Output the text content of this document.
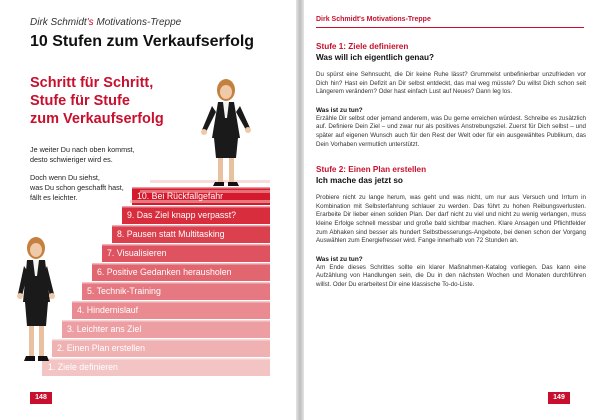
Dirk Schmidt's Motivations-Treppe
10 Stufen zum Verkaufserfolg
Schritt für Schritt,
Stufe für Stufe
zum Verkaufserfolg
Je weiter Du nach oben kommst,
desto schwieriger wird es.
Doch wenn Du siehst,
was Du schon geschafft hast,
fällt es leichter.
1. Ziele definieren
2. Einen Plan erstellen
3. Leichter ans Ziel
4. Hindernislauf
5. Technik-Training
6. Positive Gedanken herausholen
7. Visualisieren
8. Pausen statt Multitasking
9. Das Ziel knapp verpasst?
10. Bei Rückfallgefahr
148
Dirk Schmidt's Motivations-Treppe
Stufe 1: Ziele definieren
Was will ich eigentlich genau?
Du spürst eine Sehnsucht, die Dir keine Ruhe lässt? Grummelst unbefinierbar unzufrieden vor Dich hin? Hast ein Defizit an Dir selbst entdeckt, das mal weg müsste? Du willst Dich schon seit Längerem verändern? Oder hast einfach Lust auf Neues? Dann leg los.
Was ist zu tun?
Erzähle Dir selbst oder jemand anderem, was Du gerne erreichen würdest. Schreibe es zusätzlich auf. Definiere Dein Ziel – und zwar nur als positives Anstrebungsziel. Zuerst für Dich selbst – und später auf eigenen Wunsch auch für den Rest der Welt oder für ein ausgewähltes Publikum, das Dein Vorhaben vermutlich unterstützt.
Stufe 2: Einen Plan erstellen
Ich mache das jetzt so
Probiere nicht zu lange herum, was geht und was nicht, um nur aus Versuch und Irrtum in Kombination mit Selbsterfahrung schlauer zu werden. Das führt zu hohen Reibungsverlusten. Erarbeite Dir lieber einen soliden Plan. Der darf nicht zu viel und nicht zu wenig verlangen, muss kleine Erfolge schnell messbar und große bald sichtbar machen. Klare Ansagen und Pflichtfelder zum Abhaken sind besser als hundert Selbstbesserungs-Angebote, bei denen schon der Vorgang Auswählen zum Energiefresser wird. Fange innerhalb von 72 Stunden an.
Was ist zu tun?
Am Ende dieses Schrittes sollte ein klarer Maßnahmen-Katalog vorliegen. Das kann eine Aufzählung von Handlungen sein, die Du in den nächsten Wochen und Monaten durchführen willst. Oder Du erarbeitest Dir eine klassische To-do-Liste.
149
